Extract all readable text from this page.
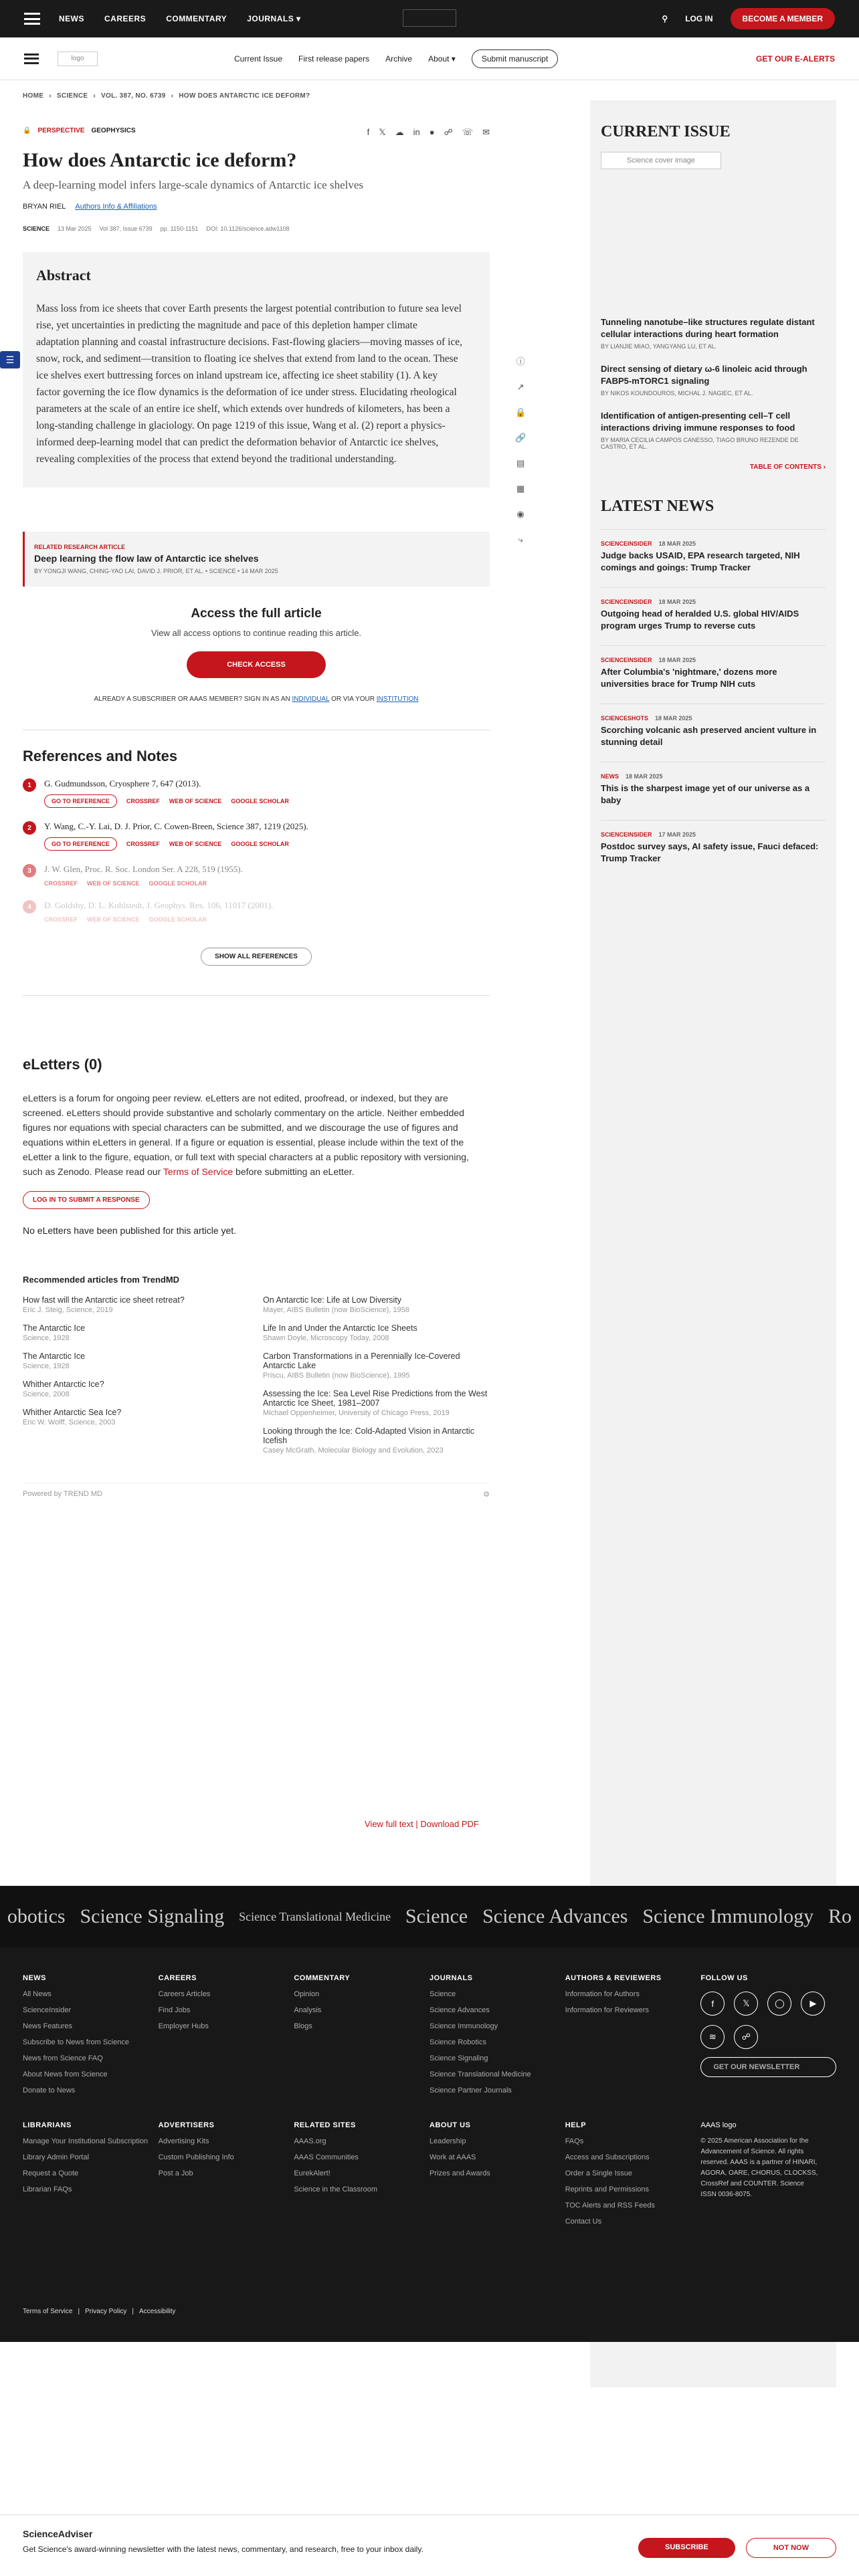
NEWS	CAREERS	COMMENTARY	JOURNALS ▾	⚲ LOG IN	BECOME A MEMBER
logo	Current Issue First release papers Archive About ▾	Submit manuscript	GET OUR E-ALERTS
HOME › SCIENCE › VOL. 387, NO. 6739 › HOW DOES ANTARCTIC ICE DEFORM?
🔒 PERSPECTIVE GEOPHYSICS	f 𝕏 ☁ in ● ☍ ☏ ✉
How does Antarctic ice deform?
A deep-learning model infers large-scale dynamics of Antarctic ice shelves
BRYAN RIEL Authors Info & Affiliations
SCIENCE 13 Mar 2025 Vol 387, Issue 6739 pp. 1150-1151 DOI: 10.1126/science.adw1108
Abstract

Mass loss from ice sheets that cover Earth presents the largest potential contribution to future sea level rise, yet uncertainties in predicting the magnitude and pace of this depletion hamper climate adaptation planning and coastal infrastructure decisions. Fast-flowing glaciers—moving masses of ice, snow, rock, and sediment—transition to floating ice shelves that extend from land to the ocean. These ice shelves exert buttressing forces on inland upstream ice, affecting ice sheet stability (1). A key factor governing the ice flow dynamics is the deformation of ice under stress. Elucidating rheological parameters at the scale of an entire ice shelf, which extends over hundreds of kilometers, has been a long-standing challenge in glaciology. On page 1219 of this issue, Wang et al. (2) report a physics-informed deep-learning model that can predict the deformation behavior of Antarctic ice shelves, revealing complexities of the process that extend beyond the traditional understanding.

RELATED RESEARCH ARTICLE
Deep learning the flow law of Antarctic ice shelves
BY YONGJI WANG, CHING-YAO LAI, DAVID J. PRIOR, ET AL. • SCIENCE • 14 MAR 2025
Access the full article
View all access options to continue reading this article.
CHECK ACCESS
ALREADY A SUBSCRIBER OR AAAS MEMBER? SIGN IN AS AN INDIVIDUAL OR VIA YOUR INSTITUTION
References and Notes
1	G. Gudmundsson, Cryosphere 7, 647 (2013).
GO TO REFERENCE	CROSSREF WEB OF SCIENCE GOOGLE SCHOLAR
2	Y. Wang, C.-Y. Lai, D. J. Prior, C. Cowen-Breen, Science 387, 1219 (2025).
GO TO REFERENCE	CROSSREF WEB OF SCIENCE GOOGLE SCHOLAR
3	J. W. Glen, Proc. R. Soc. London Ser. A 228, 519 (1955).
CROSSREF WEB OF SCIENCE GOOGLE SCHOLAR
4	D. Goldsby, D. L. Kohlstedt, J. Geophys. Res. 106, 11017 (2001).
CROSSREF WEB OF SCIENCE GOOGLE SCHOLAR
SHOW ALL REFERENCES
eLetters (0)

eLetters is a forum for ongoing peer review. eLetters are not edited, proofread, or indexed, but they are screened. eLetters should provide substantive and scholarly commentary on the article. Neither embedded figures nor equations with special characters can be submitted, and we discourage the use of figures and equations within eLetters in general. If a figure or equation is essential, please include within the text of the eLetter a link to the figure, equation, or full text with special characters at a public repository with versioning, such as Zenodo. Please read our Terms of Service before submitting an eLetter.

LOG IN TO SUBMIT A RESPONSE

No eLetters have been published for this article yet.

Recommended articles from TrendMD
How fast will the Antarctic ice sheet retreat?
Eric J. Steig, Science, 2019
The Antarctic Ice
Science, 1928
The Antarctic Ice
Science, 1928
Whither Antarctic Ice?
Science, 2008
Whither Antarctic Sea Ice?
Eric W. Wolff, Science, 2003
On Antarctic Ice: Life at Low Diversity
Mayer, AIBS Bulletin (now BioScience), 1958
Life In and Under the Antarctic Ice Sheets
Shawn Doyle, Microscopy Today, 2008
Carbon Transformations in a Perennially Ice-Covered Antarctic Lake
Priscu, AIBS Bulletin (now BioScience), 1995
Assessing the Ice: Sea Level Rise Predictions from the West Antarctic Ice Sheet, 1981–2007
Michael Oppenheimer, University of Chicago Press, 2019
Looking through the Ice: Cold-Adapted Vision in Antarctic Icefish
Casey McGrath, Molecular Biology and Evolution, 2023
Powered by TREND MD	⚙
☰	ⓘ
↗
🔒
🔗
▤
▦
◉
⤷
View full text | Download PDF
CURRENT ISSUE
Science cover image
Tunneling nanotube–like structures regulate distant cellular interactions during heart formation
BY LIANJIE MIAO, YANGYANG LU, ET AL.
Direct sensing of dietary ω-6 linoleic acid through FABP5-mTORC1 signaling
BY NIKOS KOUNDOUROS, MICHAL J. NAGIEC, ET AL.
Identification of antigen-presenting cell–T cell interactions driving immune responses to food
BY MARIA CECILIA CAMPOS CANESSO, TIAGO BRUNO REZENDE DE CASTRO, ET AL.
TABLE OF CONTENTS ›
LATEST NEWS
SCIENCEINSIDER 18 MAR 2025
Judge backs USAID, EPA research targeted, NIH comings and goings: Trump Tracker
SCIENCEINSIDER 18 MAR 2025
Outgoing head of heralded U.S. global HIV/AIDS program urges Trump to reverse cuts
SCIENCEINSIDER 18 MAR 2025
After Columbia's 'nightmare,' dozens more universities brace for Trump NIH cuts
SCIENCESHOTS 18 MAR 2025
Scorching volcanic ash preserved ancient vulture in stunning detail
NEWS 18 MAR 2025
This is the sharpest image yet of our universe as a baby
SCIENCEINSIDER 17 MAR 2025
Postdoc survey says, AI safety issue, Fauci defaced: Trump Tracker
obotics Science Signaling Science Translational Medicine Science Science Advances Science Immunology Ro
NEWS
All News
ScienceInsider
News Features
Subscribe to News from Science
News from Science FAQ
About News from Science
Donate to News
CAREERS
Careers Articles
Find Jobs
Employer Hubs
COMMENTARY
Opinion
Analysis
Blogs
JOURNALS
Science
Science Advances
Science Immunology
Science Robotics
Science Signaling
Science Translational Medicine
Science Partner Journals
AUTHORS & REVIEWERS
Information for Authors
Information for Reviewers
FOLLOW US
f	𝕏	◯	▶
≋	☍
GET OUR NEWSLETTER
LIBRARIANS
Manage Your Institutional Subscription
Library Admin Portal
Request a Quote
Librarian FAQs
ADVERTISERS
Advertising Kits
Custom Publishing Info
Post a Job
RELATED SITES
AAAS.org
AAAS Communities
EurekAlert!
Science in the Classroom
ABOUT US
Leadership
Work at AAAS
Prizes and Awards
HELP
FAQs
Access and Subscriptions
Order a Single Issue
Reprints and Permissions
TOC Alerts and RSS Feeds
Contact Us
AAAS logo
© 2025 American Association for the Advancement of Science. All rights reserved. AAAS is a partner of HINARI, AGORA, OARE, CHORUS, CLOCKSS, CrossRef and COUNTER. Science ISSN 0036-8075.
Terms of Service | Privacy Policy | Accessibility
ScienceAdviser
Get Science's award-winning newsletter with the latest news, commentary, and research, free to your inbox daily.	SUBSCRIBE	NOT NOW
